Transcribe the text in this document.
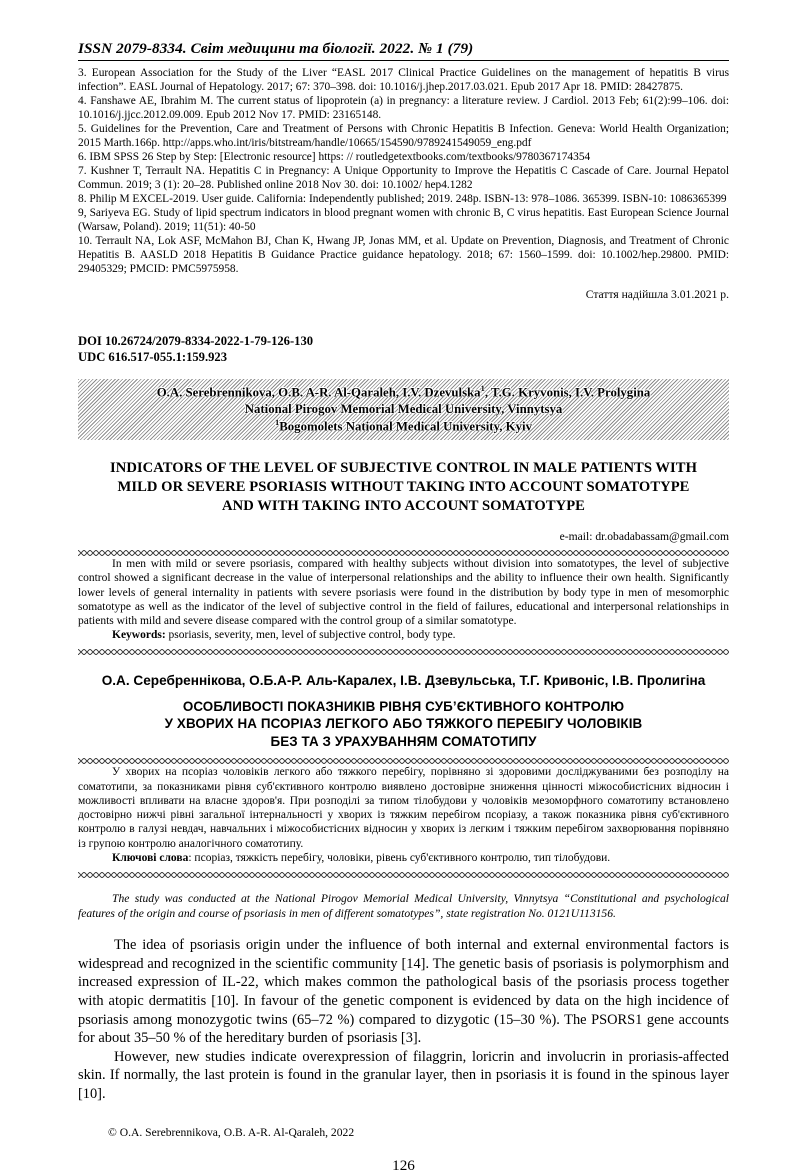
ISSN 2079-8334. Світ медицини та біології. 2022. № 1 (79)

3. European Association for the Study of the Liver “EASL 2017 Clinical Practice Guidelines on the management of hepatitis B virus infection”. EASL Journal of Hepatology. 2017; 67: 370–398. doi: 10.1016/j.jhep.2017.03.021. Epub 2017 Apr 18. PMID: 28427875.

4. Fanshawe AE, Ibrahim M. The current status of lipoprotein (a) in pregnancy: a literature review. J Cardiol. 2013 Feb; 61(2):99–106. doi: 10.1016/j.jjcc.2012.09.009. Epub 2012 Nov 17. PMID: 23165148.

5. Guidelines for the Prevention, Care and Treatment of Persons with Chronic Hepatitis B Infection. Geneva: World Health Organization; 2015 Marth.166p. http://apps.who.int/iris/bitstream/handle/10665/154590/9789241549059_eng.pdf

6. IBM SPSS 26 Step by Step: [Electronic resource] https: // routledgetextbooks.com/textbooks/9780367174354

7. Kushner T, Terrault NA. Hepatitis C in Pregnancy: A Unique Opportunity to Improve the Hepatitis C Cascade of Care. Journal Hepatol Commun. 2019; 3 (1): 20–28. Published online 2018 Nov 30. doi: 10.1002/ hep4.1282

8. Philip M EXCEL-2019. User guide. California: Independently published; 2019. 248p. ISBN-13: 978–1086. 365399. ISBN-10: 1086365399

9, Sariyeva EG. Study of lipid spectrum indicators in blood pregnant women with chronic B, C virus hepatitis. East European Science Journal (Warsaw, Poland). 2019; 11(51): 40-50

10. Terrault NA, Lok ASF, McMahon BJ, Chan K, Hwang JP, Jonas MM, et al. Update on Prevention, Diagnosis, and Treatment of Chronic Hepatitis B. AASLD 2018 Hepatitis B Guidance Practice guidance hepatology. 2018; 67: 1560–1599. doi: 10.1002/hep.29800. PMID: 29405329; PMCID: PMC5975958.

Стаття надійшла 3.01.2021 р.
DOI 10.26724/2079-8334-2022-1-79-126-130
UDC 616.517-055.1:159.923
O.A. Serebrennikova, O.B. A-R. Al-Qaraleh, I.V. Dzevulska$^1$, T.G. Kryvonis, I.V. Prolygina
National Pirogov Memorial Medical University, Vinnytsya
$^1$Bogomolets National Medical University, Kyiv
INDICATORS OF THE LEVEL OF SUBJECTIVE CONTROL IN MALE PATIENTS WITH
MILD OR SEVERE PSORIASIS WITHOUT TAKING INTO ACCOUNT SOMATOTYPE
AND WITH TAKING INTO ACCOUNT SOMATOTYPE
e-mail: dr.obadabassam@gmail.com

In men with mild or severe psoriasis, compared with healthy subjects without division into somatotypes, the level of subjective control showed a significant decrease in the value of interpersonal relationships and the ability to influence their own health. Significantly lower levels of general internality in patients with severe psoriasis were found in the distribution by body type in men of mesomorphic somatotype as well as the indicator of the level of subjective control in the field of failures, educational and interpersonal relationships in patients with mild and severe disease compared with the control group of a similar somatotype.

Keywords: psoriasis, severity, men, level of subjective control, body type.

О.А. Серебреннікова, О.Б.А-Р. Аль-Каралех, І.В. Дзевульська, Т.Г. Кривоніс, І.В. Пролигіна
ОСОБЛИВОСТІ ПОКАЗНИКІВ РІВНЯ СУБ’ЄКТИВНОГО КОНТРОЛЮ
У ХВОРИХ НА ПСОРІАЗ ЛЕГКОГО АБО ТЯЖКОГО ПЕРЕБІГУ ЧОЛОВІКІВ
БЕЗ ТА З УРАХУВАННЯМ СОМАТОТИПУ

У хворих на псоріаз чоловіків легкого або тяжкого перебігу, порівняно зі здоровими досліджуваними без розподілу на соматотипи, за показниками рівня суб'єктивного контролю виявлено достовірне зниження цінності міжособистісних відносин і можливості впливати на власне здоров'я. При розподілі за типом тілобудови у чоловіків мезоморфного соматотипу встановлено достовірно нижчі рівні загальної інтернальності у хворих із тяжким перебігом псоріазу, а також показника рівня суб'єктивного контролю в галузі невдач, навчальних і міжособистісних відносин у хворих із легким і тяжким перебігом захворювання порівняно із групою контролю аналогічного соматотипу.

Ключові слова: псоріаз, тяжкість перебігу, чоловіки, рівень суб'єктивного контролю, тип тілобудови.

The study was conducted at the National Pirogov Memorial Medical University, Vinnytsya “Constitutional and psychological features of the origin and course of psoriasis in men of different somatotypes”, state registration No. 0121U113156.

The idea of psoriasis origin under the influence of both internal and external environmental factors is widespread and recognized in the scientific community [14]. The genetic basis of psoriasis is polymorphism and increased expression of IL-22, which makes common the pathological basis of the psoriasis process together with atopic dermatitis [10]. In favour of the genetic component is evidenced by data on the high incidence of psoriasis among monozygotic twins (65–72 %) compared to dizygotic (15–30 %). The PSORS1 gene accounts for about 35–50 % of the hereditary burden of psoriasis [3].

However, new studies indicate overexpression of filaggrin, loricrin and involucrin in proriasis-affected skin. If normally, the last protein is found in the granular layer, then in psoriasis it is found in the spinous layer [10].

© O.A. Serebrennikova, O.B. A-R. Al-Qaraleh, 2022
126
